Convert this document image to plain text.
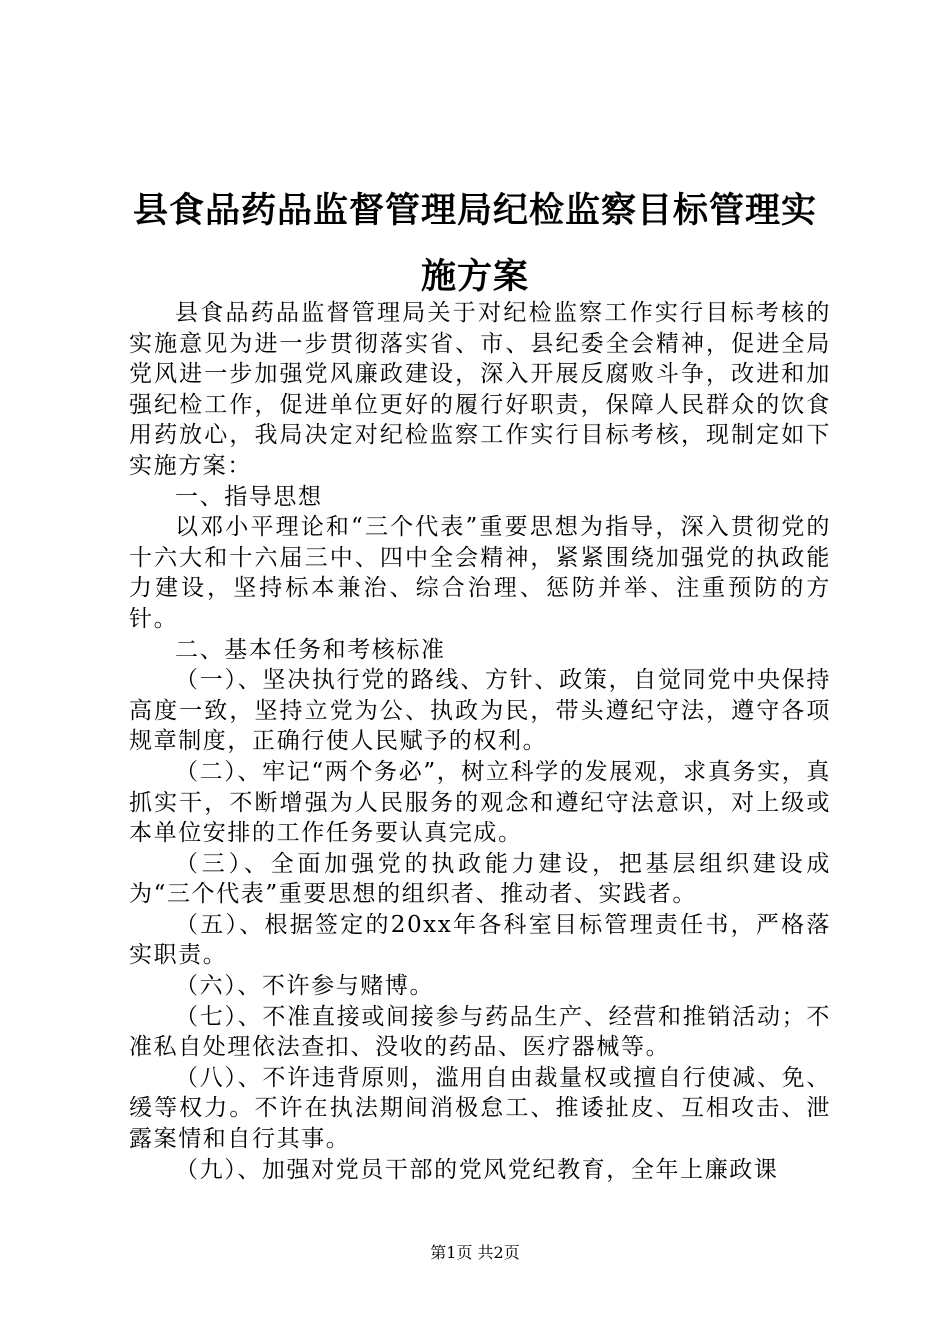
县食品药品监督管理局纪检监察目标管理实施方案

县食品药品监督管理局关于对纪检监察工作实行目标考核的实施意见为进一步贯彻落实省、市、县纪委全会精神，促进全局党风进一步加强党风廉政建设，深入开展反腐败斗争，改进和加强纪检工作，促进单位更好的履行好职责，保障人民群众的饮食用药放心，我局决定对纪检监察工作实行目标考核，现制定如下实施方案：

一、指导思想

以邓小平理论和“三个代表”重要思想为指导，深入贯彻党的十六大和十六届三中、四中全会精神，紧紧围绕加强党的执政能力建设，坚持标本兼治、综合治理、惩防并举、注重预防的方针。

二、基本任务和考核标准

（一）、坚决执行党的路线、方针、政策，自觉同党中央保持高度一致，坚持立党为公、执政为民，带头遵纪守法，遵守各项规章制度，正确行使人民赋予的权利。

（二）、牢记“两个务必”，树立科学的发展观，求真务实，真抓实干，不断增强为人民服务的观念和遵纪守法意识，对上级或本单位安排的工作任务要认真完成。

（三）、全面加强党的执政能力建设，把基层组织建设成为“三个代表”重要思想的组织者、推动者、实践者。

（五）、根据签定的20xx年各科室目标管理责任书，严格落实职责。

（六）、不许参与赌博。

（七）、不准直接或间接参与药品生产、经营和推销活动；不准私自处理依法查扣、没收的药品、医疗器械等。

（八）、不许违背原则，滥用自由裁量权或擅自行使减、免、缓等权力。不许在执法期间消极怠工、推诿扯皮、互相攻击、泄露案情和自行其事。

（九）、加强对党员干部的党风党纪教育，全年上廉政课

第1页 共2页
